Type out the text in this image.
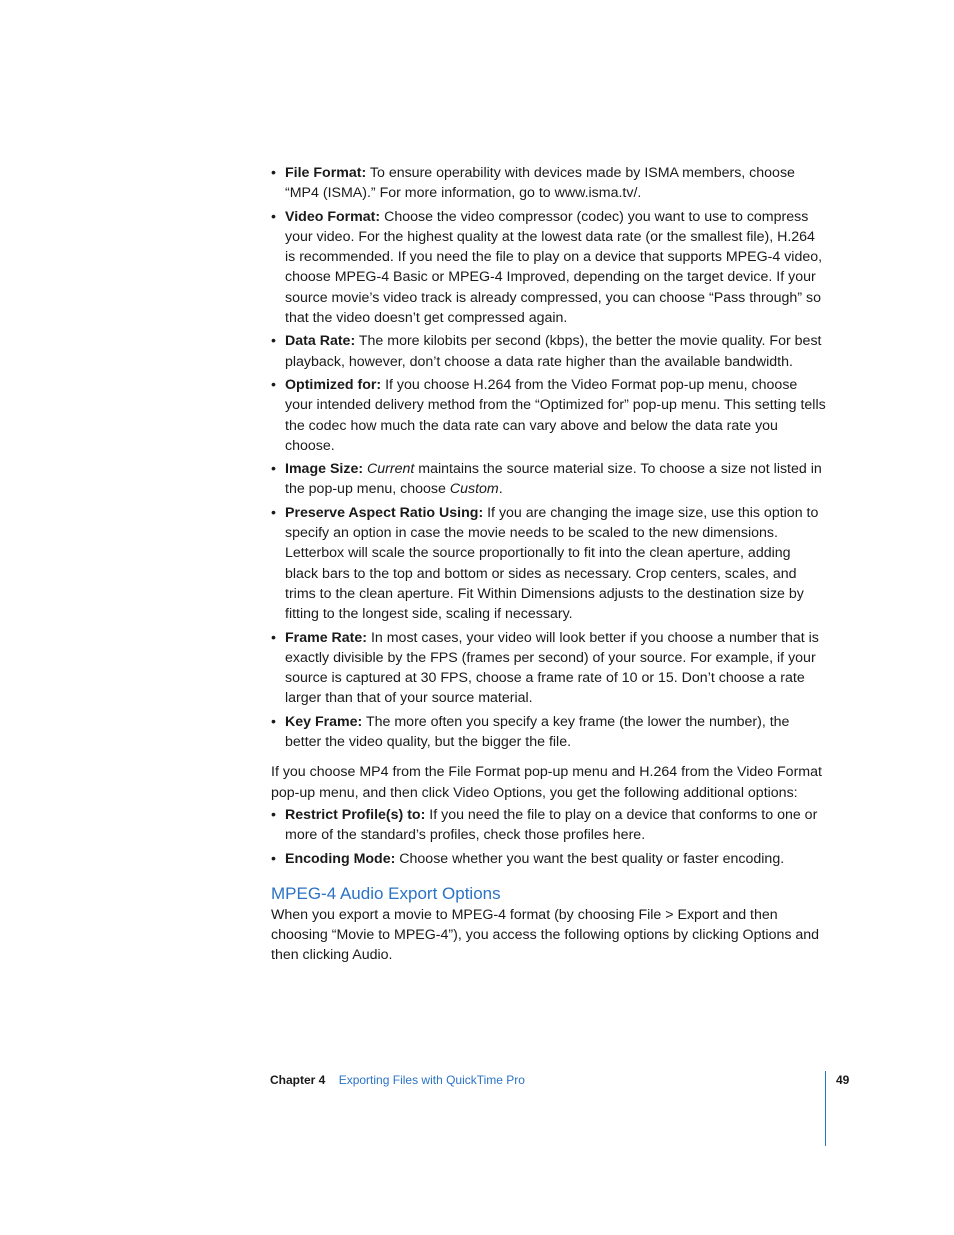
• File Format: To ensure operability with devices made by ISMA members, choose “MP4 (ISMA).” For more information, go to www.isma.tv/.
• Video Format: Choose the video compressor (codec) you want to use to compress your video. For the highest quality at the lowest data rate (or the smallest file), H.264 is recommended. If you need the file to play on a device that supports MPEG-4 video, choose MPEG-4 Basic or MPEG-4 Improved, depending on the target device. If your source movie’s video track is already compressed, you can choose “Pass through” so that the video doesn’t get compressed again.
• Data Rate: The more kilobits per second (kbps), the better the movie quality. For best playback, however, don’t choose a data rate higher than the available bandwidth.
• Optimized for: If you choose H.264 from the Video Format pop-up menu, choose your intended delivery method from the “Optimized for” pop-up menu. This setting tells the codec how much the data rate can vary above and below the data rate you choose.
• Image Size: Current maintains the source material size. To choose a size not listed in the pop-up menu, choose Custom.
• Preserve Aspect Ratio Using: If you are changing the image size, use this option to specify an option in case the movie needs to be scaled to the new dimensions. Letterbox will scale the source proportionally to fit into the clean aperture, adding black bars to the top and bottom or sides as necessary. Crop centers, scales, and trims to the clean aperture. Fit Within Dimensions adjusts to the destination size by fitting to the longest side, scaling if necessary.
• Frame Rate: In most cases, your video will look better if you choose a number that is exactly divisible by the FPS (frames per second) of your source. For example, if your source is captured at 30 FPS, choose a frame rate of 10 or 15. Don’t choose a rate larger than that of your source material.
• Key Frame: The more often you specify a key frame (the lower the number), the better the video quality, but the bigger the file.

If you choose MP4 from the File Format pop-up menu and H.264 from the Video Format pop-up menu, and then click Video Options, you get the following additional options:

• Restrict Profile(s) to: If you need the file to play on a device that conforms to one or more of the standard’s profiles, check those profiles here.
• Encoding Mode: Choose whether you want the best quality or faster encoding.
MPEG-4 Audio Export Options

When you export a movie to MPEG-4 format (by choosing File > Export and then choosing “Movie to MPEG-4”), you access the following options by clicking Options and then clicking Audio.

Chapter 4 Exporting Files with QuickTime Pro	49
